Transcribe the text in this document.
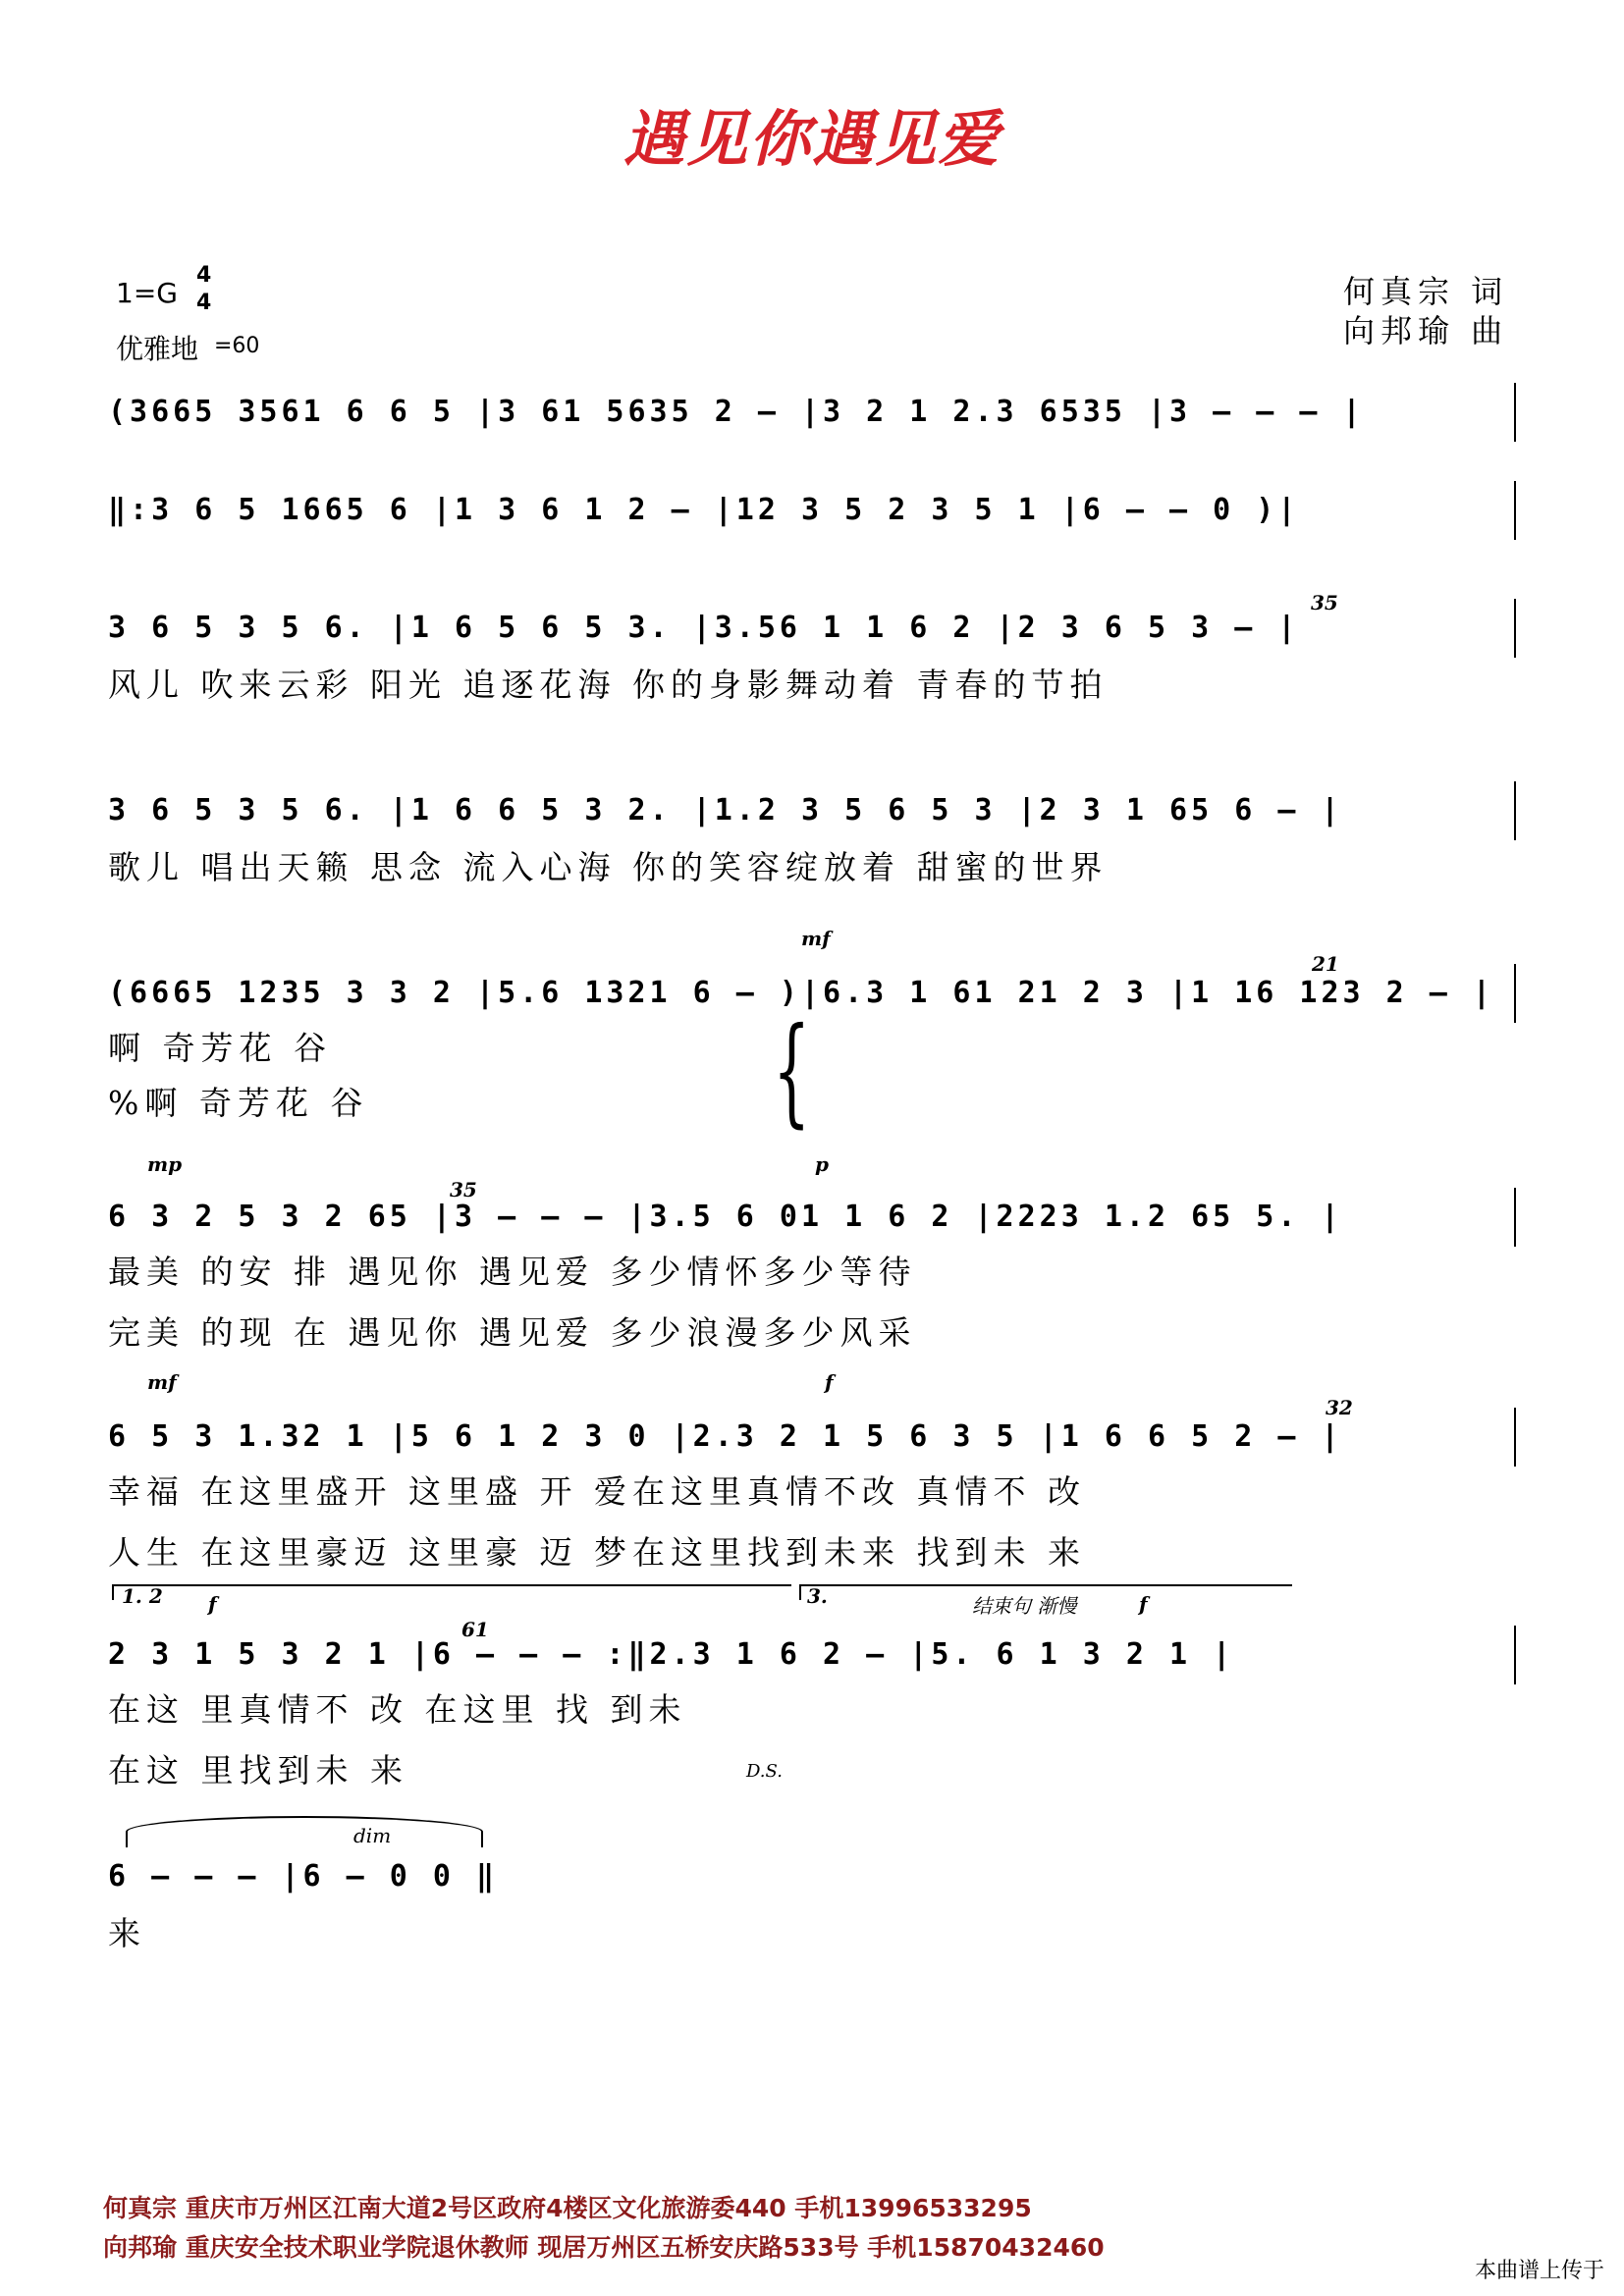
遇见你遇见爱
1=G
4
4
优雅地 =60
何真宗 词
向邦瑜 曲
(3665 3561 6 6 5 |3 61 5635 2 – |3 2 1 2.3 6535 |3 – – – |
‖:3 6 5 1665 6 |1 3 6 1 2 – |12 3 5 2 3 5 1 |6 – – 0 )|
35
3 6 5 3 5 6. |1 6 5 6 5 3. |3.56 1 1 6 2 |2 3 6 5 3 – |
风儿 吹来云彩 阳光 追逐花海 你的身影舞动着 青春的节拍
3 6 5 3 5 6. |1 6 6 5 3 2. |1.2 3 5 6 5 3 |2 3 1 65 6 – |
歌儿 唱出天籁 思念 流入心海 你的笑容绽放着 甜蜜的世界
mf
21
(6665 1235 3 3 2 |5.6 1321 6 – )|6.3 1 61 21 2 3 |1 16 123 2 – |
啊 奇芳花 谷
%啊 奇芳花 谷	{
mp	p
35
6 3 2 5 3 2 65 |3 – – – |3.5 6 01 1 6 2 |2223 1.2 65 5. |
最美 的安 排 遇见你 遇见爱 多少情怀多少等待
完美 的现 在 遇见你 遇见爱 多少浪漫多少风采
mf	f
32
6 5 3 1.32 1 |5 6 1 2 3 0 |2.3 2 1 5 6 3 5 |1 6 6 5 2 – |
幸福 在这里盛开 这里盛 开 爱在这里真情不改 真情不 改
人生 在这里豪迈 这里豪 迈 梦在这里找到未来 找到未 来
1. 2 f
61
3.	结束句 渐慢	f
2 3 1 5 3 2 1 |6 – – – :‖2.3 1 6 2 – |5. 6 1 3 2 1 |
在这 里真情不 改 在这里 找 到未
在这 里找到未 来	D.S.
dim
6 – – – |6 – 0 0 ‖
来
何真宗 重庆市万州区江南大道2号区政府4楼区文化旅游委440 手机13996533295
向邦瑜 重庆安全技术职业学院退休教师 现居万州区五桥安庆路533号 手机15870432460
本曲谱上传于
